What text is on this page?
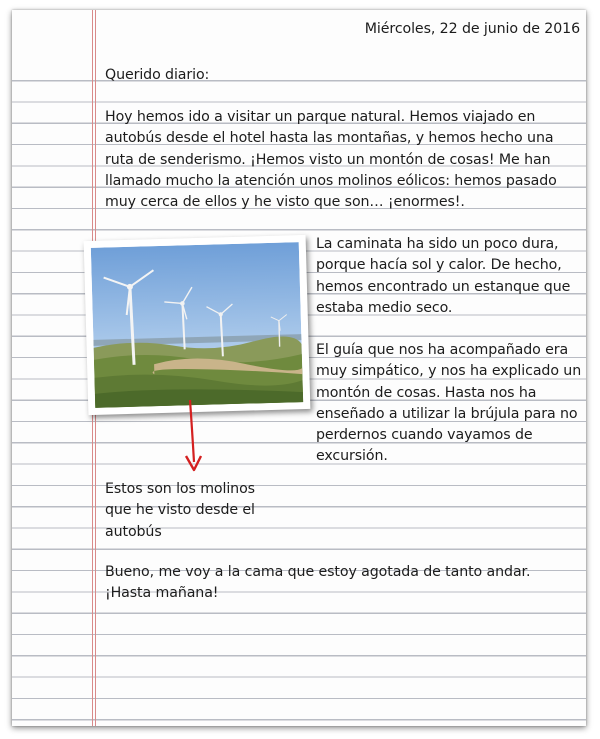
Miércoles, 22 de junio de 2016

Querido diario:

Hoy hemos ido a visitar un parque natural. Hemos viajado en autobús desde el hotel hasta las montañas, y hemos hecho una ruta de senderismo. ¡Hemos visto un montón de cosas! Me han llamado mucho la atención unos molinos eólicos: hemos pasado muy cerca de ellos y he visto que son… ¡enormes!.

La caminata ha sido un poco dura, porque hacía sol y calor. De hecho, hemos encontrado un estanque que estaba medio seco.

El guía que nos ha acompañado era muy simpático, y nos ha explicado un montón de cosas. Hasta nos ha enseñado a utilizar la brújula para no perdernos cuando vayamos de excursión.

Estos son los molinos que he visto desde el autobús

Bueno, me voy a la cama que estoy agotada de tanto andar. ¡Hasta mañana!
